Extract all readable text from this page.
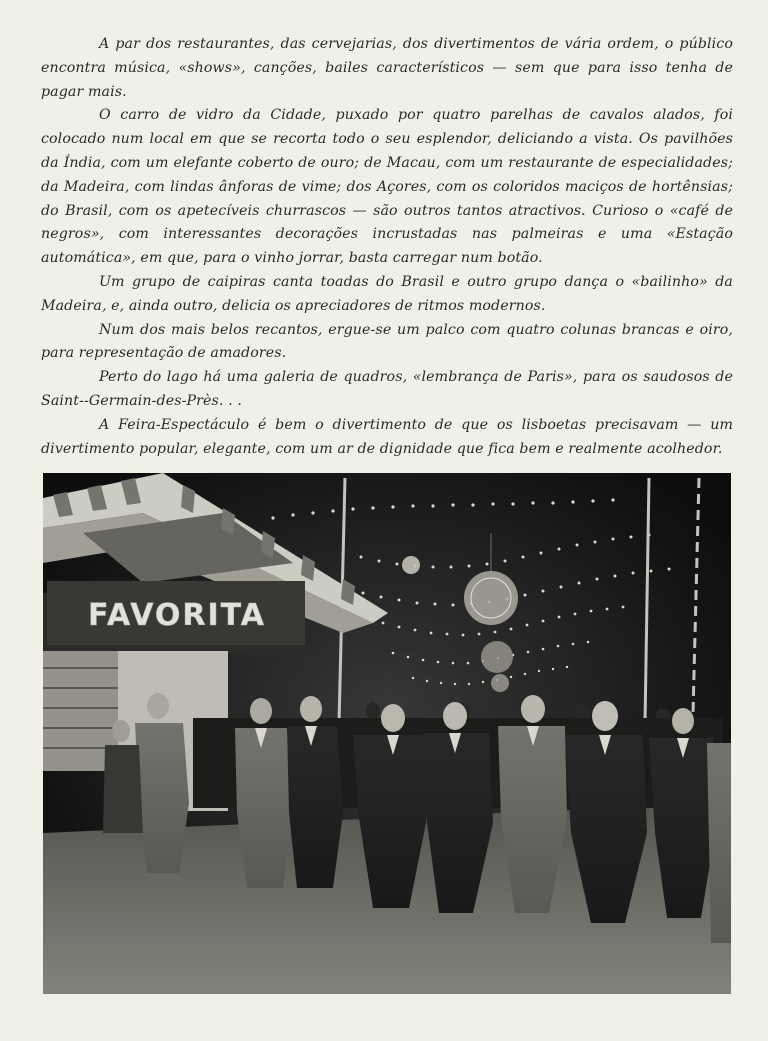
A par dos restaurantes, das cervejarias, dos divertimentos de vária ordem, o público encontra música, «shows», canções, bailes característicos — sem que para isso tenha de pagar mais.

O carro de vidro da Cidade, puxado por quatro parelhas de cavalos alados, foi colocado num local em que se recorta todo o seu esplendor, deliciando a vista. Os pavilhões da Índia, com um elefante coberto de ouro; de Macau, com um restaurante de especialidades; da Madeira, com lindas ânforas de vime; dos Açores, com os coloridos maciços de hortênsias; do Brasil, com os apetecíveis churrascos — são outros tantos atractivos. Curioso o «café de negros», com interessantes decorações incrustadas nas palmeiras e uma «Estação automática», em que, para o vinho jorrar, basta carregar num botão.

Um grupo de caipiras canta toadas do Brasil e outro grupo dança o «bailinho» da Madeira, e, ainda outro, delicia os apreciadores de ritmos modernos.

Num dos mais belos recantos, ergue-se um palco com quatro colunas brancas e oiro, para representação de amadores.

Perto do lago há uma galeria de quadros, «lembrança de Paris», para os saudosos de Saint--Germain-des-Près. . .

A Feira-Espectáculo é bem o divertimento de que os lisboetas precisavam — um divertimento popular, elegante, com um ar de dignidade que fica bem e realmente acolhedor.

FAVORITA
